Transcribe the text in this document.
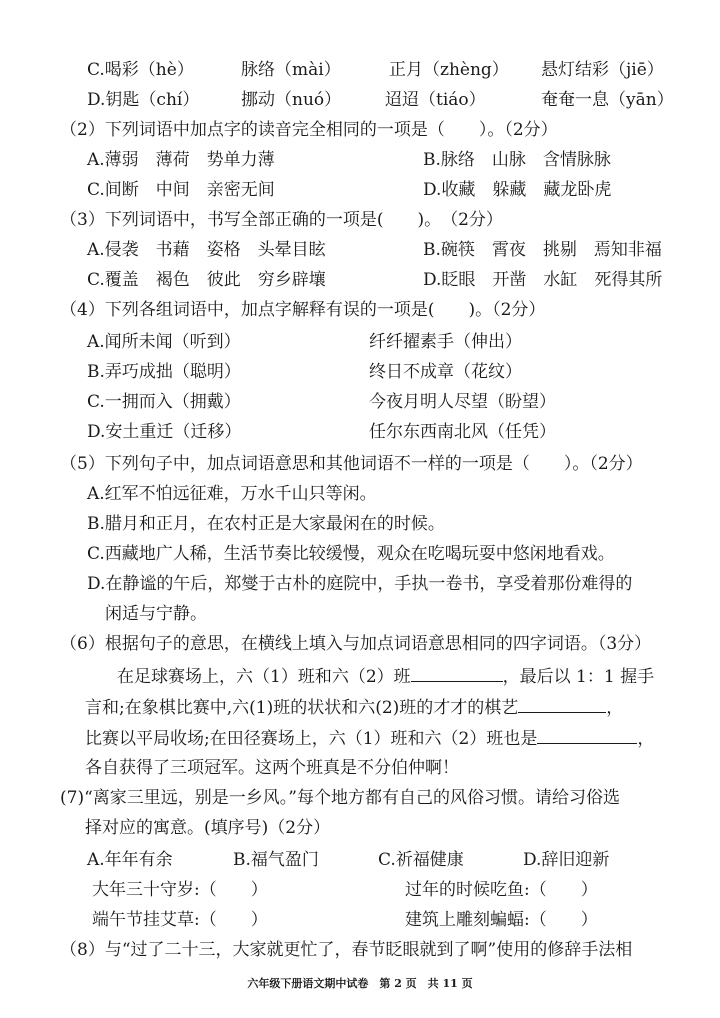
C.喝彩（hè）	脉络（mài）	正月（zhèng） 悬灯结彩（jiē）
D.钥匙（chí） 挪动（nuó）	迢迢（tiáo）	奄奄一息（yān）
（2）下列词语中加点字的读音完全相同的一项是（　　）。（2分）
A.薄弱　薄荷　势单力薄	B.脉络　山脉　含情脉脉
C.间断　中间　亲密无间	D.收藏　躲藏　藏龙卧虎
（3）下列词语中，书写全部正确的一项是(　　)。　（2分）
A.侵袭　书藉　姿格　头晕目眩	B.碗筷　霄夜　挑剔　焉知非福
C.覆盖　褐色　彼此　穷乡辟壤	D.眨眼　开凿　水缸　死得其所
（4）下列各组词语中，加点字解释有误的一项是(　　)。（2分）
A.闻所未闻（听到）	纤纤擢素手（伸出）
B.弄巧成拙（聪明）	终日不成章（花纹）
C.一拥而入（拥戴）	今夜月明人尽望（盼望）
D.安土重迁（迁移）	任尔东西南北风（任凭）
（5）下列句子中，加点词语意思和其他词语不一样的一项是（　　）。（2分）
A.红军不怕远征难，万水千山只等闲。
B.腊月和正月，在农村正是大家最闲在的时候。
C.西藏地广人稀，生活节奏比较缓慢，观众在吃喝玩耍中悠闲地看戏。
D.在静谧的午后，郑燮于古朴的庭院中，手执一卷书，享受着那份难得的
闲适与宁静。
（6）根据句子的意思，在横线上填入与加点词语意思相同的四字词语。（3分）
在足球赛场上，六（1）班和六（2）班	，最后以 1：1 握手
言和;在象棋比赛中,六(1)班的状状和六(2)班的才才的棋艺	，
比赛以平局收场;在田径赛场上，六（1）班和六（2）班也是	，
各自获得了三项冠军。这两个班真是不分伯仲啊！
(7)“离家三里远，别是一乡风。”每个地方都有自己的风俗习惯。请给习俗选
择对应的寓意。(填序号)（2分）
A.年年有余	B.福气盈门	C.祈福健康	D.辞旧迎新
大年三十守岁:（　　）	过年的时候吃鱼:（　　）
端午节挂艾草:（　　）	建筑上雕刻蝙蝠:（　　）
（8）与“过了二十三，大家就更忙了，春节眨眼就到了啊”使用的修辞手法相
六年级下册语文期中试卷　第 2 页　共 11 页
